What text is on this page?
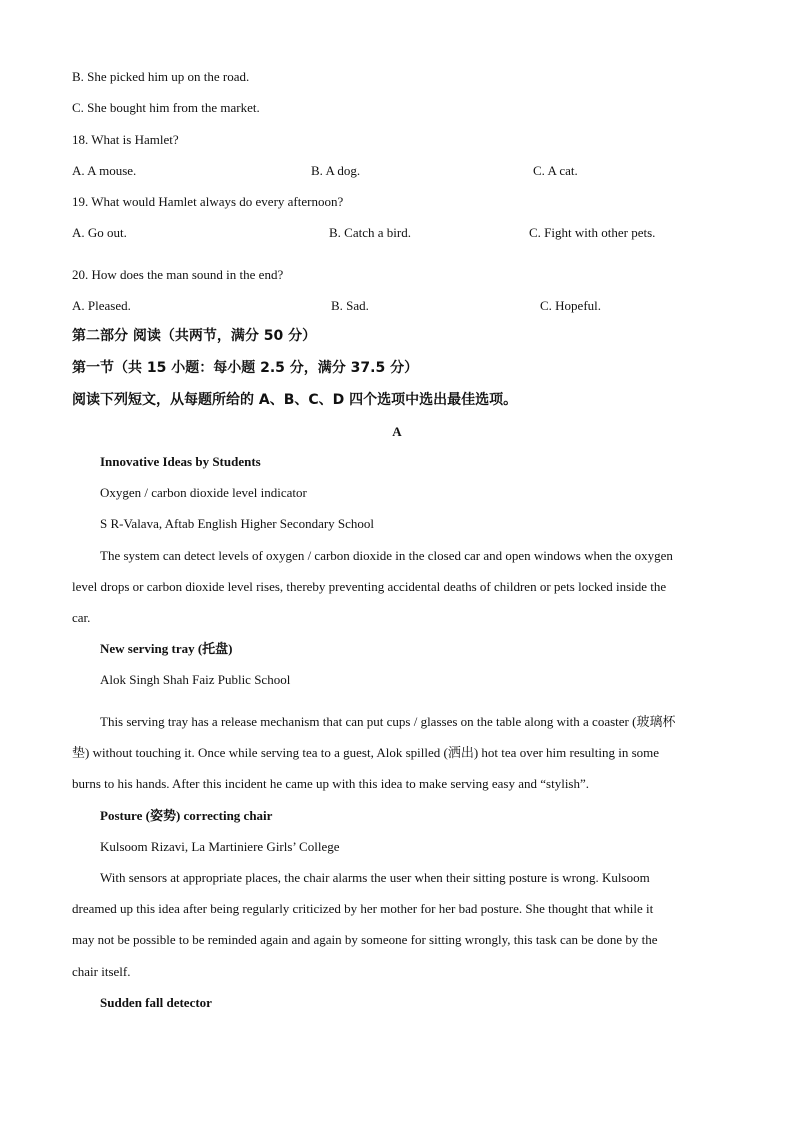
B. She picked him up on the road.
C. She bought him from the market.
18. What is Hamlet?
A. A mouse.	B. A dog.	C. A cat.
19. What would Hamlet always do every afternoon?
A. Go out.	B. Catch a bird.	C. Fight with other pets.
20. How does the man sound in the end?
A. Pleased.	B. Sad.	C. Hopeful.
第二部分 阅读（共两节，满分 50 分）
第一节（共 15 小题：每小题 2.5 分，满分 37.5 分）
阅读下列短文，从每题所给的 A、B、C、D 四个选项中选出最佳选项。
A
Innovative Ideas by Students
Oxygen / carbon dioxide level indicator
S R-Valava, Aftab English Higher Secondary School
The system can detect levels of oxygen / carbon dioxide in the closed car and open windows when the oxygen
level drops or carbon dioxide level rises, thereby preventing accidental deaths of children or pets locked inside the
car.
New serving tray (托盘)
Alok Singh Shah Faiz Public School
This serving tray has a release mechanism that can put cups / glasses on the table along with a coaster (玻璃杯
垫) without touching it. Once while serving tea to a guest, Alok spilled (洒出) hot tea over him resulting in some
burns to his hands. After this incident he came up with this idea to make serving easy and “stylish”.
Posture (姿势) correcting chair
Kulsoom Rizavi, La Martiniere Girls’ College
With sensors at appropriate places, the chair alarms the user when their sitting posture is wrong. Kulsoom
dreamed up this idea after being regularly criticized by her mother for her bad posture. She thought that while it
may not be possible to be reminded again and again by someone for sitting wrongly, this task can be done by the
chair itself.
Sudden fall detector
